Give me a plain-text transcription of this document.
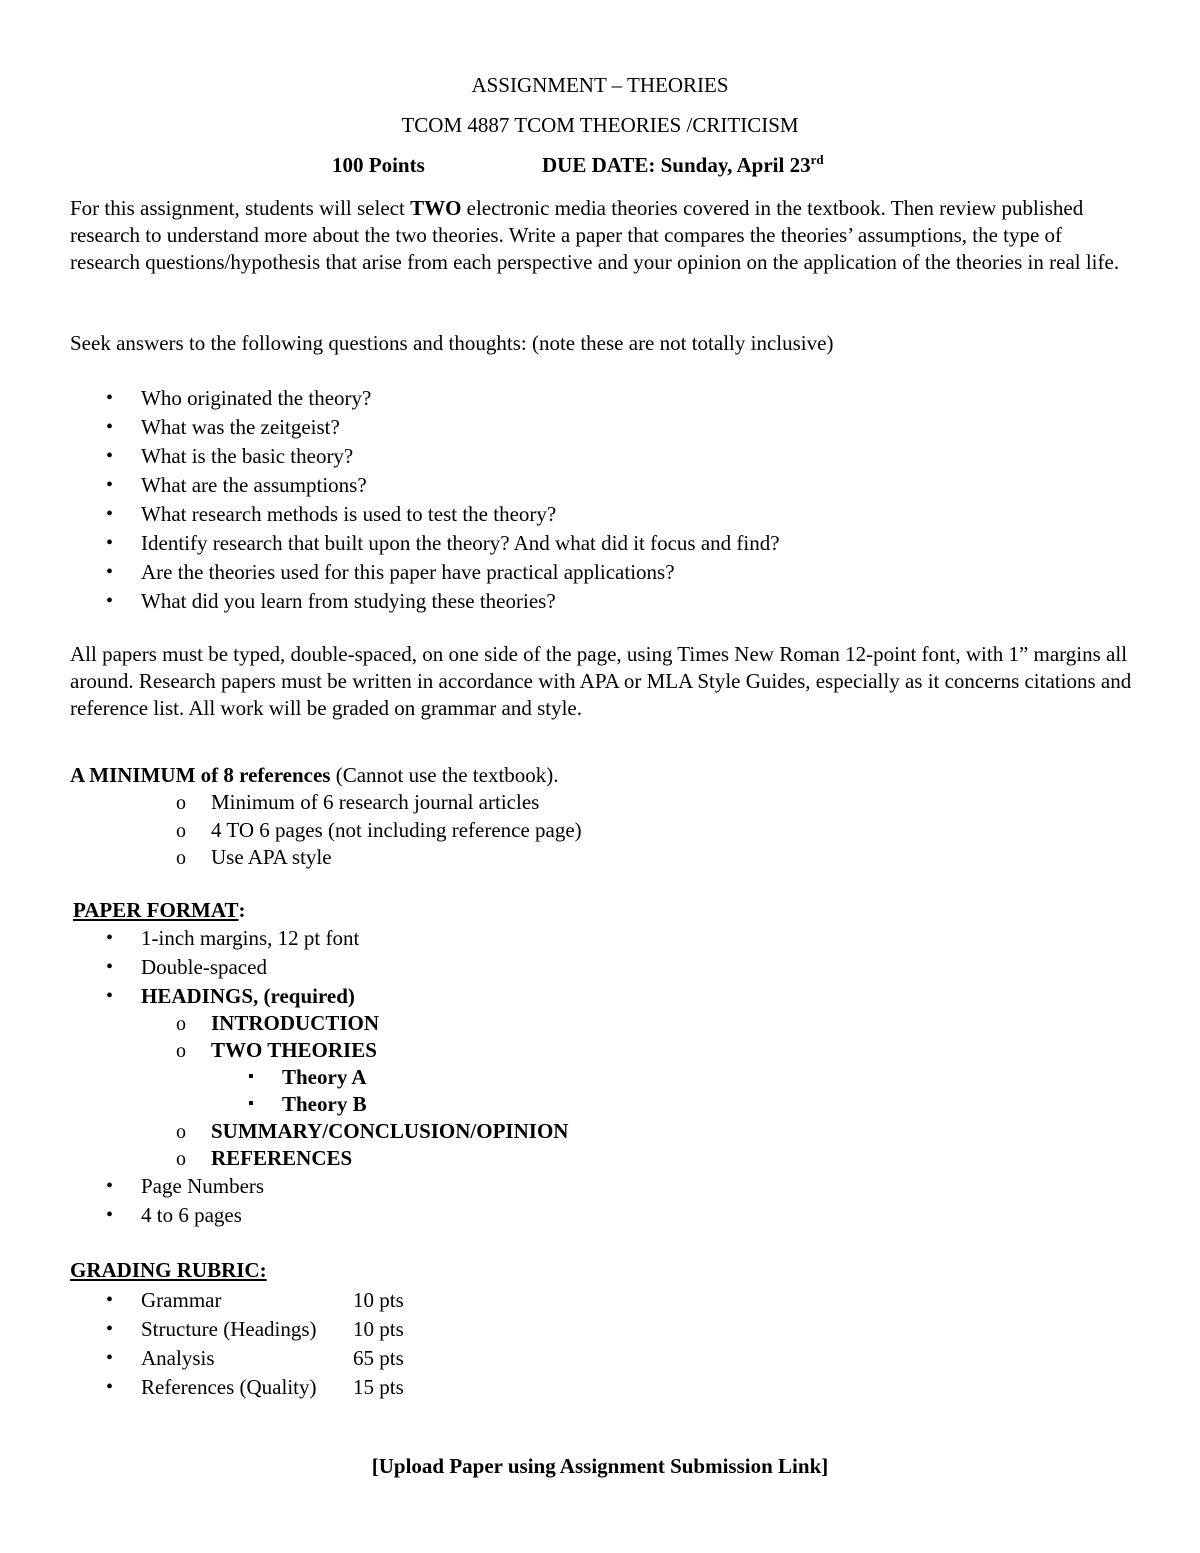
ASSIGNMENT – THEORIES
TCOM 4887 TCOM THEORIES /CRITICISM
100 Points	DUE DATE: Sunday, April 23rd

For this assignment, students will select TWO electronic media theories covered in the textbook. Then review published research to understand more about the two theories. Write a paper that compares the theories’ assumptions, the type of research questions/hypothesis that arise from each perspective and your opinion on the application of the theories in real life.

Seek answers to the following questions and thoughts: (note these are not totally inclusive)

• Who originated the theory?
• What was the zeitgeist?
• What is the basic theory?
• What are the assumptions?
• What research methods is used to test the theory?
• Identify research that built upon the theory? And what did it focus and find?
• Are the theories used for this paper have practical applications?
• What did you learn from studying these theories?

All papers must be typed, double-spaced, on one side of the page, using Times New Roman 12-point font, with 1” margins all around. Research papers must be written in accordance with APA or MLA Style Guides, especially as it concerns citations and reference list. All work will be graded on grammar and style.

A MINIMUM of 8 references (Cannot use the textbook).

o Minimum of 6 research journal articles
o 4 TO 6 pages (not including reference page)
o Use APA style
PAPER FORMAT:
• 1-inch margins, 12 pt font
• Double-spaced
• HEADINGS, (required)
o INTRODUCTION
o TWO THEORIES
▪ Theory A
▪ Theory B
o SUMMARY/CONCLUSION/OPINION
o REFERENCES
• Page Numbers
• 4 to 6 pages
GRADING RUBRIC:
• Grammar	10 pts
• Structure (Headings) 10 pts
• Analysis	65 pts
• References (Quality) 15 pts
[Upload Paper using Assignment Submission Link]
